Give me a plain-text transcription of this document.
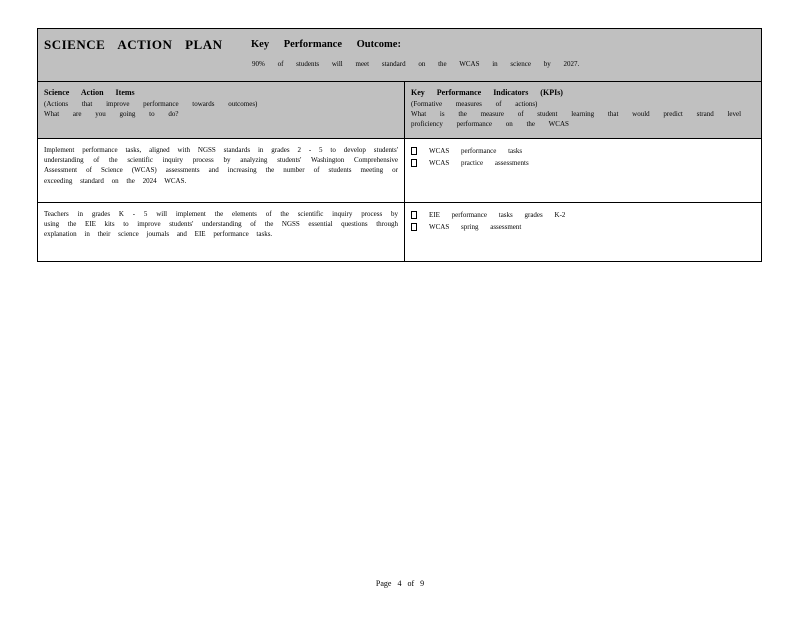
SCIENCE ACTION PLAN	Key Performance Outcome:
90% of students will meet standard on the WCAS in science by 2027.
Science Action Items
(Actions that improve performance towards outcomes)
What are you going to do?
Key Performance Indicators (KPIs)
(Formative measures of actions)
What is the measure of student learning that would predict strand level proficiency performance on the WCAS
Implement performance tasks, aligned with NGSS standards in grades 2 - 5 to develop students' understanding of the scientific inquiry process by analyzing students' Washington Comprehensive Assessment of Science (WCAS) assessments and increasing the number of students meeting or exceeding standard on the 2024 WCAS.
WCAS performance tasks
WCAS practice assessments
Teachers in grades K - 5 will implement the elements of the scientific inquiry process by using the EIE kits to improve students' understanding of the NGSS essential questions through explanation in their science journals and EIE performance tasks.
EIE performance tasks grades K-2
WCAS spring assessment
Page 4 of 9
